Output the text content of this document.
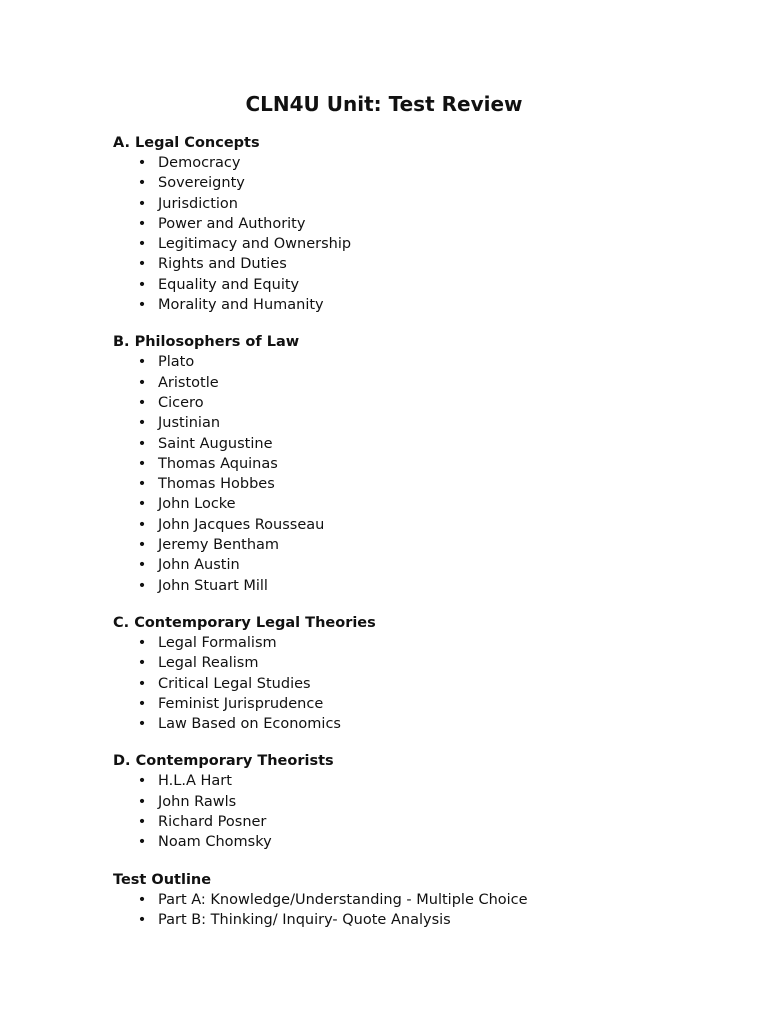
CLN4U Unit: Test Review

A. Legal Concepts

• Democracy
• Sovereignty
• Jurisdiction
• Power and Authority
• Legitimacy and Ownership
• Rights and Duties
• Equality and Equity
• Morality and Humanity

B. Philosophers of Law

• Plato
• Aristotle
• Cicero
• Justinian
• Saint Augustine
• Thomas Aquinas
• Thomas Hobbes
• John Locke
• John Jacques Rousseau
• Jeremy Bentham
• John Austin
• John Stuart Mill

C. Contemporary Legal Theories

• Legal Formalism
• Legal Realism
• Critical Legal Studies
• Feminist Jurisprudence
• Law Based on Economics

D. Contemporary Theorists

• H.L.A Hart
• John Rawls
• Richard Posner
• Noam Chomsky

Test Outline

• Part A: Knowledge/Understanding - Multiple Choice
• Part B: Thinking/ Inquiry- Quote Analysis
